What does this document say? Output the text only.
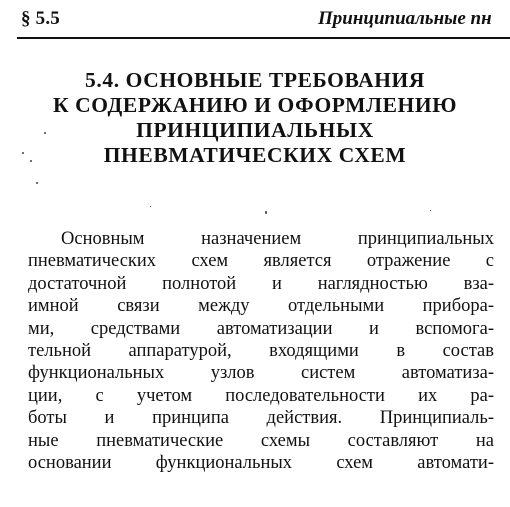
§ 5.5	Принципиальные пн
5.4. ОСНОВНЫЕ ТРЕБОВАНИЯ
К СОДЕРЖАНИЮ И ОФОРМЛЕНИЮ
ПРИНЦИПИАЛЬНЫХ
ПНЕВМАТИЧЕСКИХ СХЕМ
Основным назначением принципиальных
пневматических схем является отражение с
достаточной полнотой и наглядностью вза-
имной связи между отдельными прибора-
ми, средствами автоматизации и вспомога-
тельной аппаратурой, входящими в состав
функциональных узлов систем автоматиза-
ции, с учетом последовательности их ра-
боты и принципа действия. Принципиаль-
ные пневматические схемы составляют на
основании функциональных схем автомати-
